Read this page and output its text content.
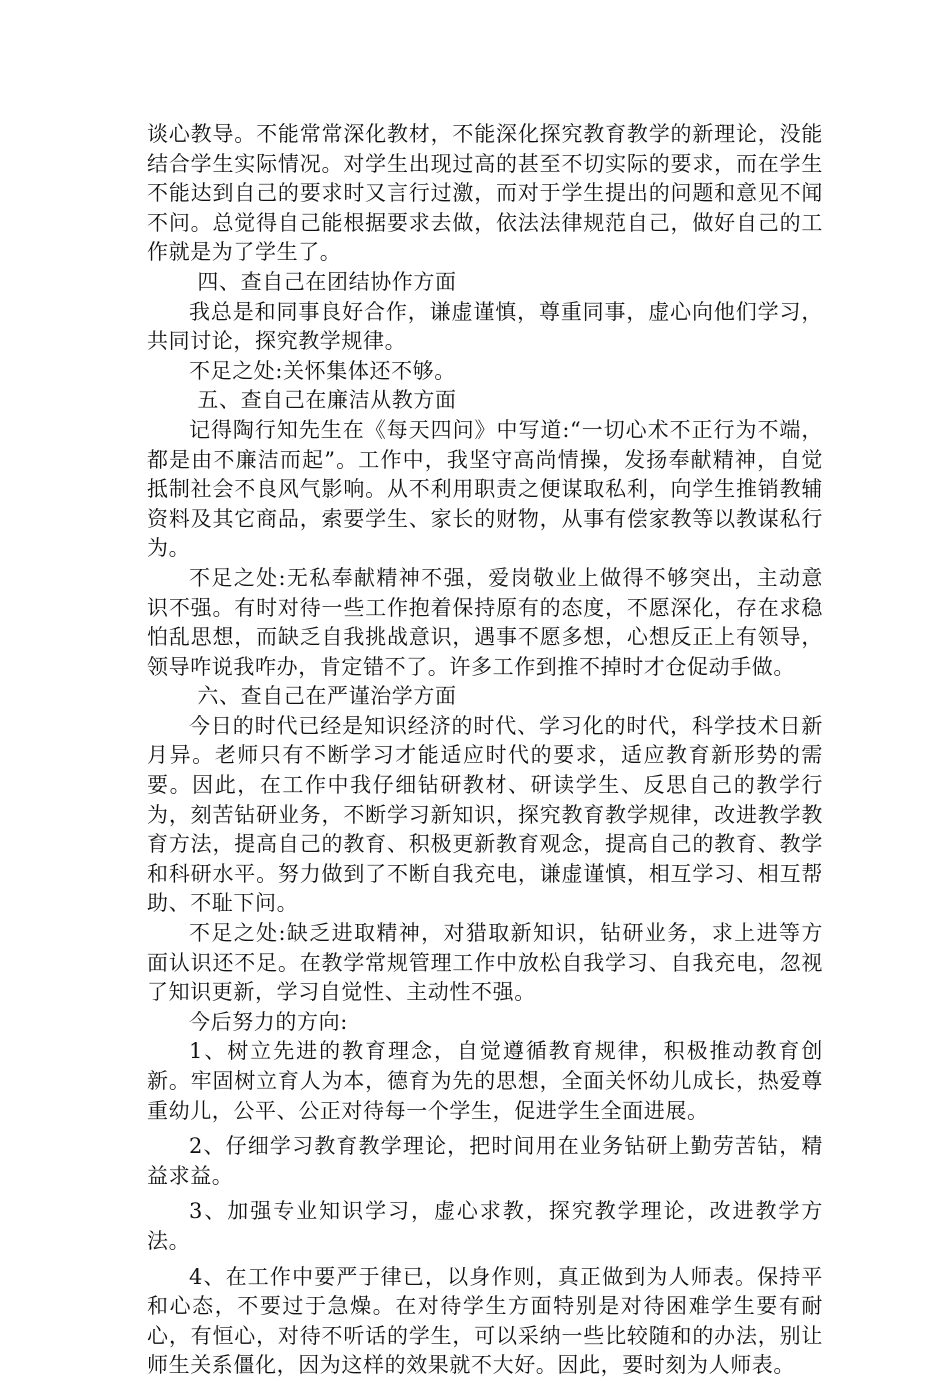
谈心教导。不能常常深化教材，不能深化探究教育教学的新理论，没能结合学生实际情况。对学生出现过高的甚至不切实际的要求，而在学生不能达到自己的要求时又言行过激，而对于学生提出的问题和意见不闻不问。总觉得自己能根据要求去做，依法法律规范自己，做好自己的工作就是为了学生了。

四、查自己在团结协作方面

我总是和同事良好合作，谦虚谨慎，尊重同事，虚心向他们学习，共同讨论，探究教学规律。

不足之处:关怀集体还不够。

五、查自己在廉洁从教方面

记得陶行知先生在《每天四问》中写道:“一切心术不正行为不端，都是由不廉洁而起”。工作中，我坚守高尚情操，发扬奉献精神，自觉抵制社会不良风气影响。从不利用职责之便谋取私利，向学生推销教辅资料及其它商品，索要学生、家长的财物，从事有偿家教等以教谋私行为。

不足之处:无私奉献精神不强，爱岗敬业上做得不够突出，主动意识不强。有时对待一些工作抱着保持原有的态度，不愿深化，存在求稳怕乱思想，而缺乏自我挑战意识，遇事不愿多想，心想反正上有领导，领导咋说我咋办，肯定错不了。许多工作到推不掉时才仓促动手做。

六、查自己在严谨治学方面

今日的时代已经是知识经济的时代、学习化的时代，科学技术日新月异。老师只有不断学习才能适应时代的要求，适应教育新形势的需要。因此，在工作中我仔细钻研教材、研读学生、反思自己的教学行为，刻苦钻研业务，不断学习新知识，探究教育教学规律，改进教学教育方法，提高自己的教育、积极更新教育观念，提高自己的教育、教学和科研水平。努力做到了不断自我充电，谦虚谨慎，相互学习、相互帮助、不耻下问。

不足之处:缺乏进取精神，对猎取新知识，钻研业务，求上进等方面认识还不足。在教学常规管理工作中放松自我学习、自我充电，忽视了知识更新，学习自觉性、主动性不强。

今后努力的方向:

1、树立先进的教育理念，自觉遵循教育规律，积极推动教育创新。牢固树立育人为本，德育为先的思想，全面关怀幼儿成长，热爱尊重幼儿，公平、公正对待每一个学生，促进学生全面进展。

2、仔细学习教育教学理论，把时间用在业务钻研上勤劳苦钻，精益求益。

3、加强专业知识学习，虚心求教，探究教学理论，改进教学方法。

4、在工作中要严于律已，以身作则，真正做到为人师表。保持平和心态，不要过于急燥。在对待学生方面特别是对待困难学生要有耐心，有恒心，对待不听话的学生，可以采纳一些比较随和的办法，别让师生关系僵化，因为这样的效果就不大好。因此，要时刻为人师表。
